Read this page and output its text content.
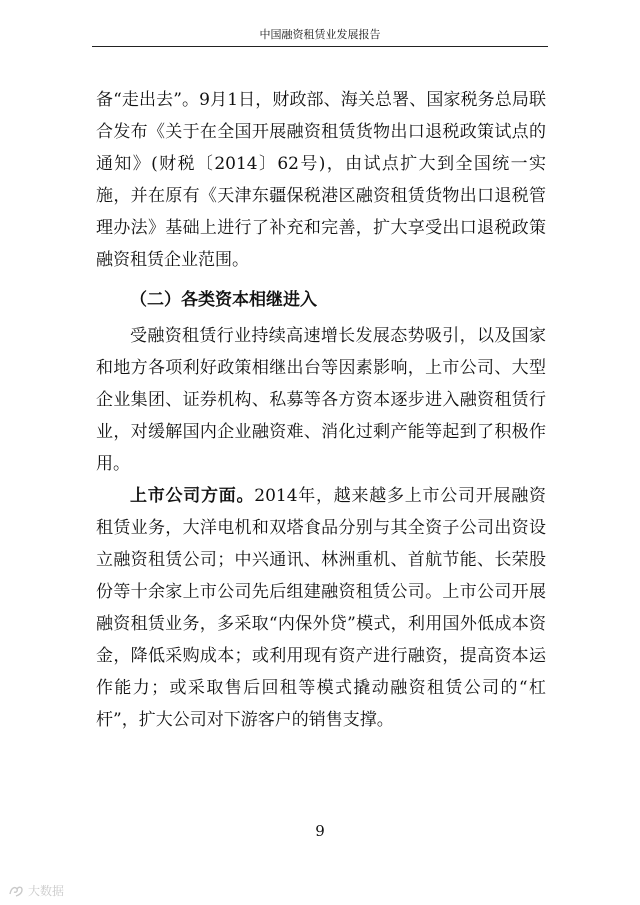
中国融资租赁业发展报告

备“走出去”。9月1日，财政部、海关总署、国家税务总局联合发布《关于在全国开展融资租赁货物出口退税政策试点的通知》(财税〔2014〕62号)，由试点扩大到全国统一实施，并在原有《天津东疆保税港区融资租赁货物出口退税管理办法》基础上进行了补充和完善，扩大享受出口退税政策融资租赁企业范围。

（二）各类资本相继进入

受融资租赁行业持续高速增长发展态势吸引，以及国家和地方各项利好政策相继出台等因素影响，上市公司、大型企业集团、证券机构、私募等各方资本逐步进入融资租赁行业，对缓解国内企业融资难、消化过剩产能等起到了积极作用。

上市公司方面。2014年，越来越多上市公司开展融资租赁业务，大洋电机和双塔食品分别与其全资子公司出资设立融资租赁公司；中兴通讯、林洲重机、首航节能、长荣股份等十余家上市公司先后组建融资租赁公司。上市公司开展融资租赁业务，多采取“内保外贷”模式，利用国外低成本资金，降低采购成本；或利用现有资产进行融资，提高资本运作能力；或采取售后回租等模式撬动融资租赁公司的“杠杆”，扩大公司对下游客户的销售支撑。

9
大数据
